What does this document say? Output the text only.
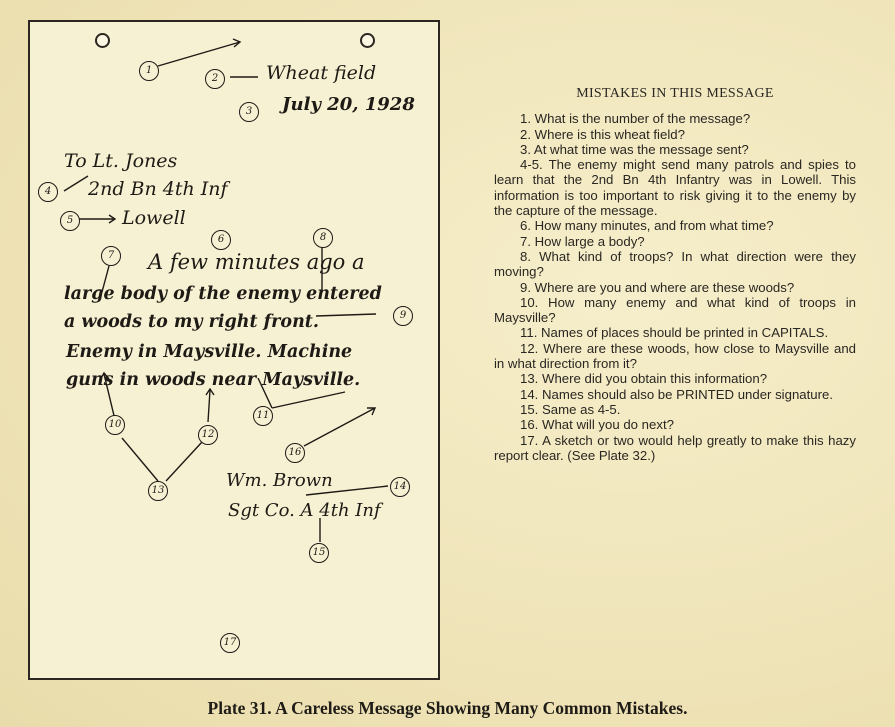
1
2
3
4
5
6
7
8
9
10
11
12
13	14
15
16
17
Wheat field
July 20, 1928
To Lt. Jones
2nd Bn 4th Inf
Lowell
A few minutes ago a
large body of the enemy entered
a woods to my right front.
Enemy in Maysville. Machine
guns in woods near Maysville.
Wm. Brown
Sgt Co. A 4th Inf
MISTAKES IN THIS MESSAGE
1. What is the number of the message?
2. Where is this wheat field?
3. At what time was the message sent?
4-5. The enemy might send many patrols and spies to learn that the 2nd Bn 4th Infantry was in Lowell. This information is too important to risk giving it to the enemy by the capture of the message.
6. How many minutes, and from what time?
7. How large a body?
8. What kind of troops? In what direction were they moving?
9. Where are you and where are these woods?
10. How many enemy and what kind of troops in Maysville?
11. Names of places should be printed in CAPITALS.
12. Where are these woods, how close to Maysville and in what direction from it?
13. Where did you obtain this information?
14. Names should also be PRINTED under signature.
15. Same as 4-5.
16. What will you do next?
17. A sketch or two would help greatly to make this hazy report clear. (See Plate 32.)
Plate 31. A Careless Message Showing Many Common Mistakes.
